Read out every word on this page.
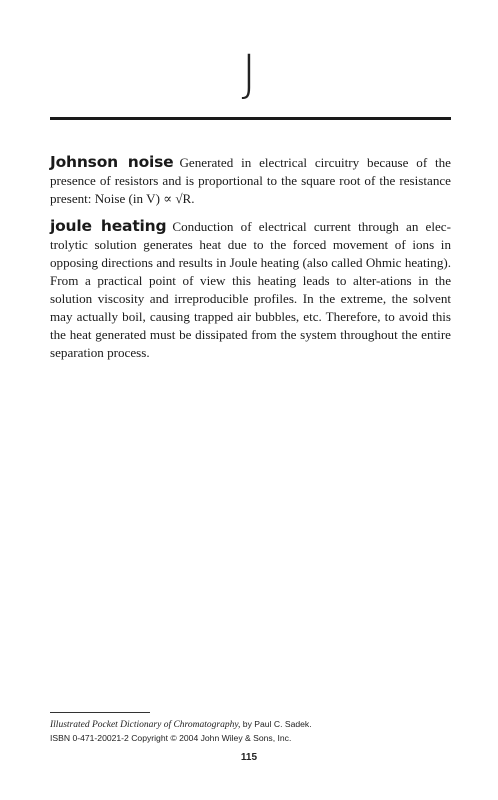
J

Johnson noise Generated in electrical circuitry because of the presence of resistors and is proportional to the square root of the resistance present: Noise (in V) ∝ √R.

joule heating Conduction of electrical current through an elec-trolytic solution generates heat due to the forced movement of ions in opposing directions and results in Joule heating (also called Ohmic heating). From a practical point of view this heating leads to alter-ations in the solution viscosity and irreproducible profiles. In the extreme, the solvent may actually boil, causing trapped air bubbles, etc. Therefore, to avoid this the heat generated must be dissipated from the system throughout the entire separation process.

Illustrated Pocket Dictionary of Chromatography, by Paul C. Sadek.
ISBN 0-471-20021-2 Copyright © 2004 John Wiley & Sons, Inc.
115
